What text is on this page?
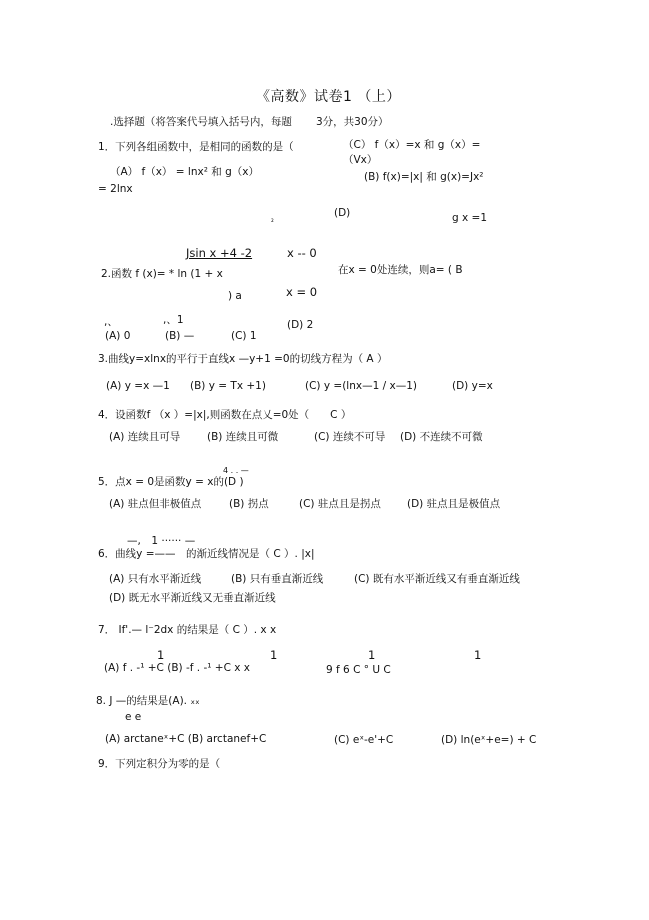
《高数》试卷1 （上）
.选择题（将答案代号填入括号内，每题 3分，共30分）
1．下列各组函数中，是相同的函数的是（	（C） f（x）=x 和 g（x）=
（Vx）
（A） f（x） = lnx² 和 g（x）	(B) f(x)=|x| 和 g(x)=Jx²
= 2lnx
₂
(D)	g x =1
Jsin x +4 -2	x -- 0
2.函数 f (x)= * ln (1 + x	在x = 0处连续，则a= ( B
) a	x = 0
,、	,、1
(A) 0	(B) —	(C) 1
(D) 2
3.曲线y=xlnx的平行于直线x —y+1 =0的切线方程为（ A ）
(A) y =x —1 (B) y = Tx +1)	(C) y =(lnx—1 / x—1)	(D) y=x
4．设函数f （x ）=|x|,则函数在点乂=0处（　　C ）
(A) 连续且可导	(B) 连续且可微	(C) 连续不可导 (D) 不连续不可微
4 . . —
5．点x = 0是函数y = x的(D )
(A) 驻点但非极值点	(B) 拐点	(C) 驻点且是拐点 (D) 驻点且是极值点
—,　1 ······ —
6．曲线y =——　的渐近线情况是（ C ）. |x|
(A) 只有水平渐近线	(B) 只有垂直渐近线	(C) 既有水平渐近线又有垂直渐近线
(D) 既无水平渐近线又无垂直渐近线
7． If'.— l⁻2dx 的结果是（ C ）. x x
1	1	1	1
(A) f . -¹ +C (B) -f . -¹ +C x x	9 f 6 C ° U C
8. J —的结果是(A). ₓₓ
e e
(A) arctaneˣ+C (B) arctanef+C	(C) eˣ-e'+C	(D) ln(eˣ+e=) + C
9．下列定积分为零的是（
